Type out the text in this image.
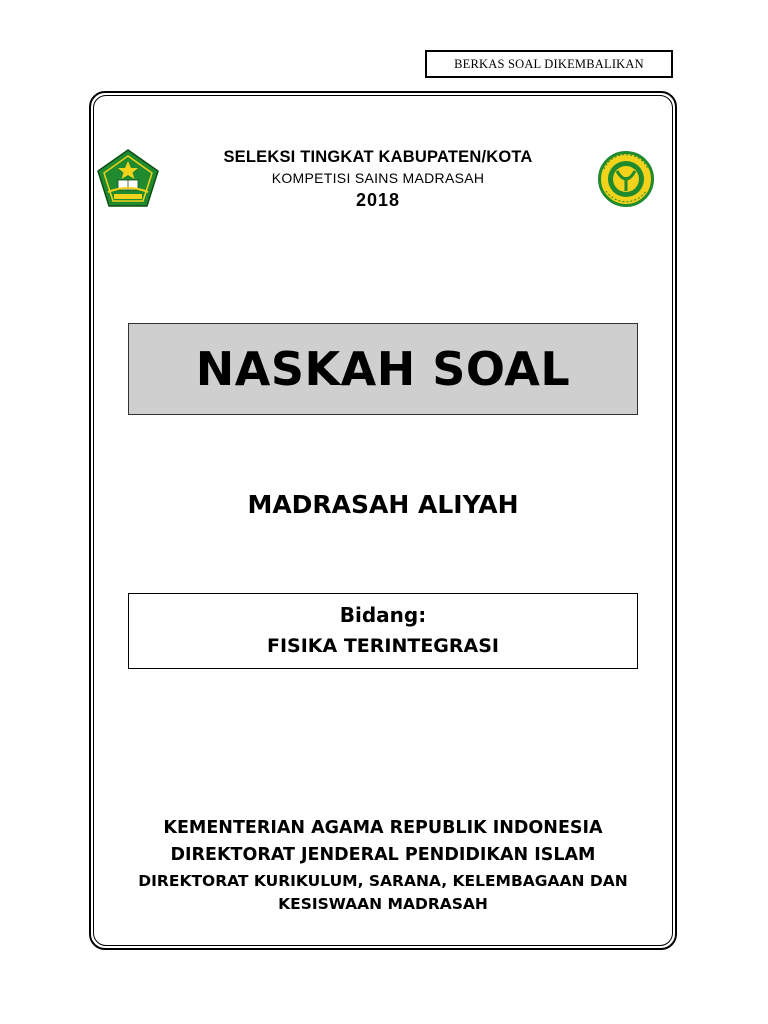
BERKAS SOAL DIKEMBALIKAN
SELEKSI TINGKAT KABUPATEN/KOTA
KOMPETISI SAINS MADRASAH
2018
NASKAH SOAL
MADRASAH ALIYAH
Bidang:
FISIKA TERINTEGRASI
KEMENTERIAN AGAMA REPUBLIK INDONESIA
DIREKTORAT JENDERAL PENDIDIKAN ISLAM
DIREKTORAT KURIKULUM, SARANA, KELEMBAGAAN DAN
KESISWAAN MADRASAH
